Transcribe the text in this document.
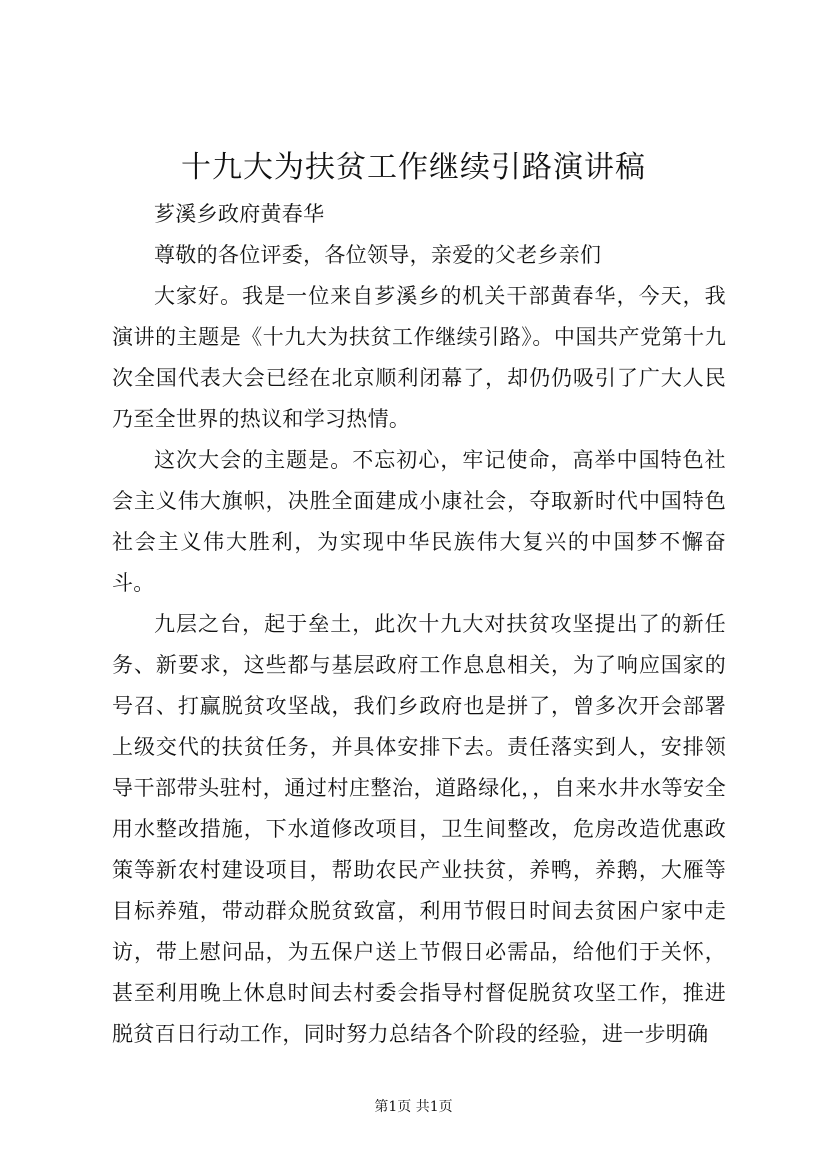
十九大为扶贫工作继续引路演讲稿

芗溪乡政府黄春华

尊敬的各位评委，各位领导，亲爱的父老乡亲们

大家好。我是一位来自芗溪乡的机关干部黄春华，今天，我演讲的主题是《十九大为扶贫工作继续引路》。中国共产党第十九次全国代表大会已经在北京顺利闭幕了，却仍仍吸引了广大人民乃至全世界的热议和学习热情。

这次大会的主题是。不忘初心，牢记使命，高举中国特色社会主义伟大旗帜，决胜全面建成小康社会，夺取新时代中国特色社会主义伟大胜利，为实现中华民族伟大复兴的中国梦不懈奋斗。

九层之台，起于垒土，此次十九大对扶贫攻坚提出了的新任务、新要求，这些都与基层政府工作息息相关，为了响应国家的号召、打赢脱贫攻坚战，我们乡政府也是拼了，曾多次开会部署上级交代的扶贫任务，并具体安排下去。责任落实到人，安排领导干部带头驻村，通过村庄整治，道路绿化，，自来水井水等安全用水整改措施，下水道修改项目，卫生间整改，危房改造优惠政策等新农村建设项目，帮助农民产业扶贫，养鸭，养鹅，大雁等目标养殖，带动群众脱贫致富，利用节假日时间去贫困户家中走访，带上慰问品，为五保户送上节假日必需品，给他们于关怀，甚至利用晚上休息时间去村委会指导村督促脱贫攻坚工作，推进脱贫百日行动工作，同时努力总结各个阶段的经验，进一步明确

第1页 共1页
